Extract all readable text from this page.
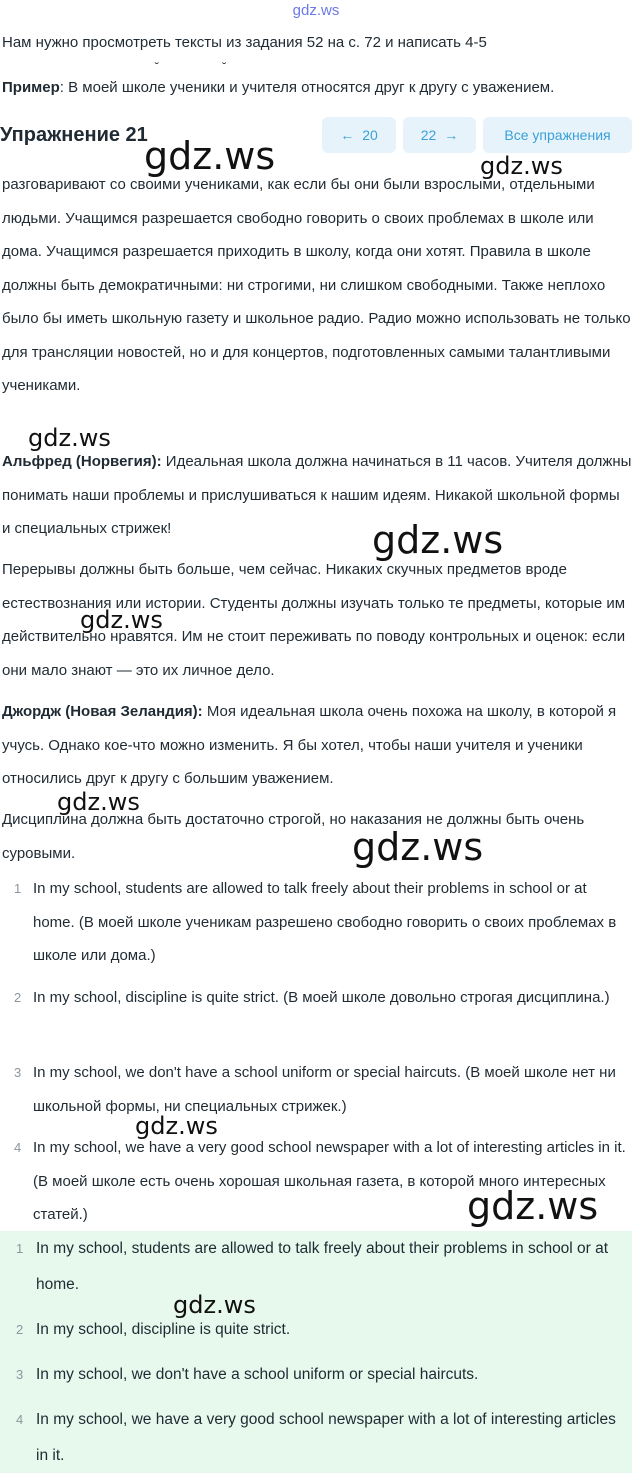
gdz.ws
Нам нужно просмотреть тексты из задания 52 на с. 72 и написать 4-5
˘ ˘
Пример: В моей школе ученики и учителя относятся друг к другу с уважением.
Упражнение 21	← 20	22 →	Все упражнения
разговаривают со своими учениками, как если бы они были взрослыми, отдельными людьми. Учащимся разрешается свободно говорить о своих проблемах в школе или дома. Учащимся разрешается приходить в школу, когда они хотят. Правила в школе должны быть демократичными: ни строгими, ни слишком свободными. Также неплохо было бы иметь школьную газету и школьное радио. Радио можно использовать не только для трансляции новостей, но и для концертов, подготовленных самыми талантливыми учениками.
Альфред (Норвегия): Идеальная школа должна начинаться в 11 часов. Учителя должны понимать наши проблемы и прислушиваться к нашим идеям. Никакой школьной формы и специальных стрижек!
Перерывы должны быть больше, чем сейчас. Никаких скучных предметов вроде естествознания или истории. Студенты должны изучать только те предметы, которые им действительно нравятся. Им не стоит переживать по поводу контрольных и оценок: если они мало знают — это их личное дело.
Джордж (Новая Зеландия): Моя идеальная школа очень похожа на школу, в которой я учусь. Однако кое-что можно изменить. Я бы хотел, чтобы наши учителя и ученики относились друг к другу с большим уважением.
Дисциплина должна быть достаточно строгой, но наказания не должны быть очень суровыми.
1 In my school, students are allowed to talk freely about their problems in school or at home. (В моей школе ученикам разрешено свободно говорить о своих проблемах в школе или дома.)
2 In my school, discipline is quite strict. (В моей школе довольно строгая дисциплина.)
3 In my school, we don't have a school uniform or special haircuts. (В моей школе нет ни школьной формы, ни специальных стрижек.)
4 In my school, we have a very good school newspaper with a lot of interesting articles in it. (В моей школе есть очень хорошая школьная газета, в которой много интересных статей.)
1 In my school, students are allowed to talk freely about their problems in school or at home.
2 In my school, discipline is quite strict.
3 In my school, we don't have a school uniform or special haircuts.
4 In my school, we have a very good school newspaper with a lot of interesting articles in it.
gdz.ws	gdz.ws
gdz.ws
gdz.ws
gdz.ws
gdz.ws
gdz.ws
gdz.ws
gdz.ws
gdz.ws
